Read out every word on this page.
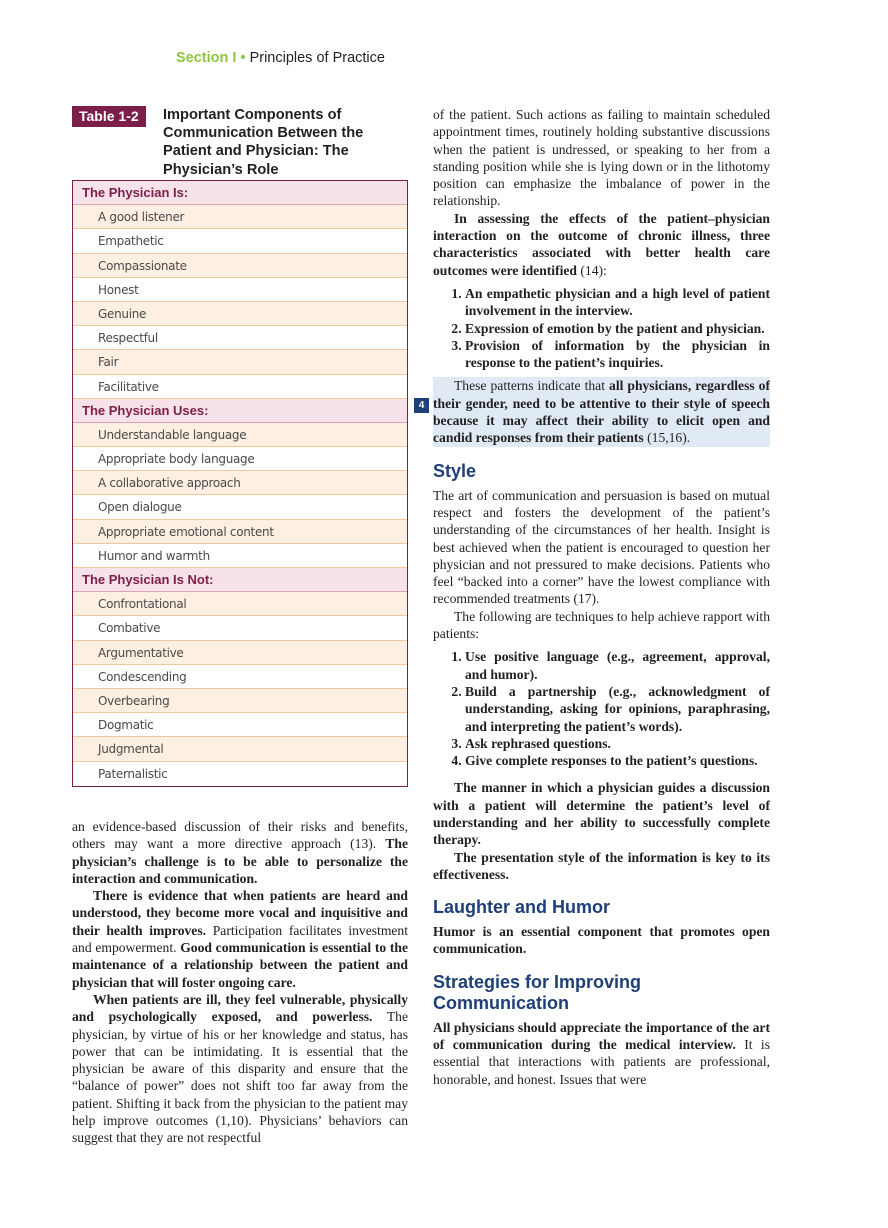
Section I • Principles of Practice
Table 1-2	Important Components of Communication Between the Patient and Physician: The Physician’s Role
The Physician Is:
A good listener
Empathetic
Compassionate
Honest
Genuine
Respectful
Fair
Facilitative
The Physician Uses:
Understandable language
Appropriate body language
A collaborative approach
Open dialogue
Appropriate emotional content
Humor and warmth
The Physician Is Not:
Confrontational
Combative
Argumentative
Condescending
Overbearing
Dogmatic
Judgmental
Paternalistic

an evidence-based discussion of their risks and benefits, others may want a more directive approach (13). The physician’s challenge is to be able to personalize the interaction and communication.

There is evidence that when patients are heard and understood, they become more vocal and inquisitive and their health improves. Participation facilitates investment and empowerment. Good communication is essential to the maintenance of a relationship between the patient and physician that will foster ongoing care.

When patients are ill, they feel vulnerable, physically and psychologically exposed, and powerless. The physician, by virtue of his or her knowledge and status, has power that can be intimidating. It is essential that the physician be aware of this disparity and ensure that the “balance of power” does not shift too far away from the patient. Shifting it back from the physician to the patient may help improve outcomes (1,10). Physicians’ behaviors can suggest that they are not respectful

4

of the patient. Such actions as failing to maintain scheduled appointment times, routinely holding substantive discussions when the patient is undressed, or speaking to her from a standing position while she is lying down or in the lithotomy position can emphasize the imbalance of power in the relationship.

In assessing the effects of the patient–physician interaction on the outcome of chronic illness, three characteristics associated with better health care outcomes were identified (14):

1. An empathetic physician and a high level of patient involvement in the interview.
2. Expression of emotion by the patient and physician.
3. Provision of information by the physician in response to the patient’s inquiries.

These patterns indicate that all physicians, regardless of their gender, need to be attentive to their style of speech because it may affect their ability to elicit open and candid responses from their patients (15,16).

Style

The art of communication and persuasion is based on mutual respect and fosters the development of the patient’s understanding of the circumstances of her health. Insight is best achieved when the patient is encouraged to question her physician and not pressured to make decisions. Patients who feel “backed into a corner” have the lowest compliance with recommended treatments (17).

The following are techniques to help achieve rapport with patients:

1. Use positive language (e.g., agreement, approval, and humor).
2. Build a partnership (e.g., acknowledgment of understanding, asking for opinions, paraphrasing, and interpreting the patient’s words).
3. Ask rephrased questions.
4. Give complete responses to the patient’s questions.

The manner in which a physician guides a discussion with a patient will determine the patient’s level of understanding and her ability to successfully complete therapy.

The presentation style of the information is key to its effectiveness.

Laughter and Humor

Humor is an essential component that promotes open communication.

Strategies for Improving Communication

All physicians should appreciate the importance of the art of communication during the medical interview. It is essential that interactions with patients are professional, honorable, and honest. Issues that were
